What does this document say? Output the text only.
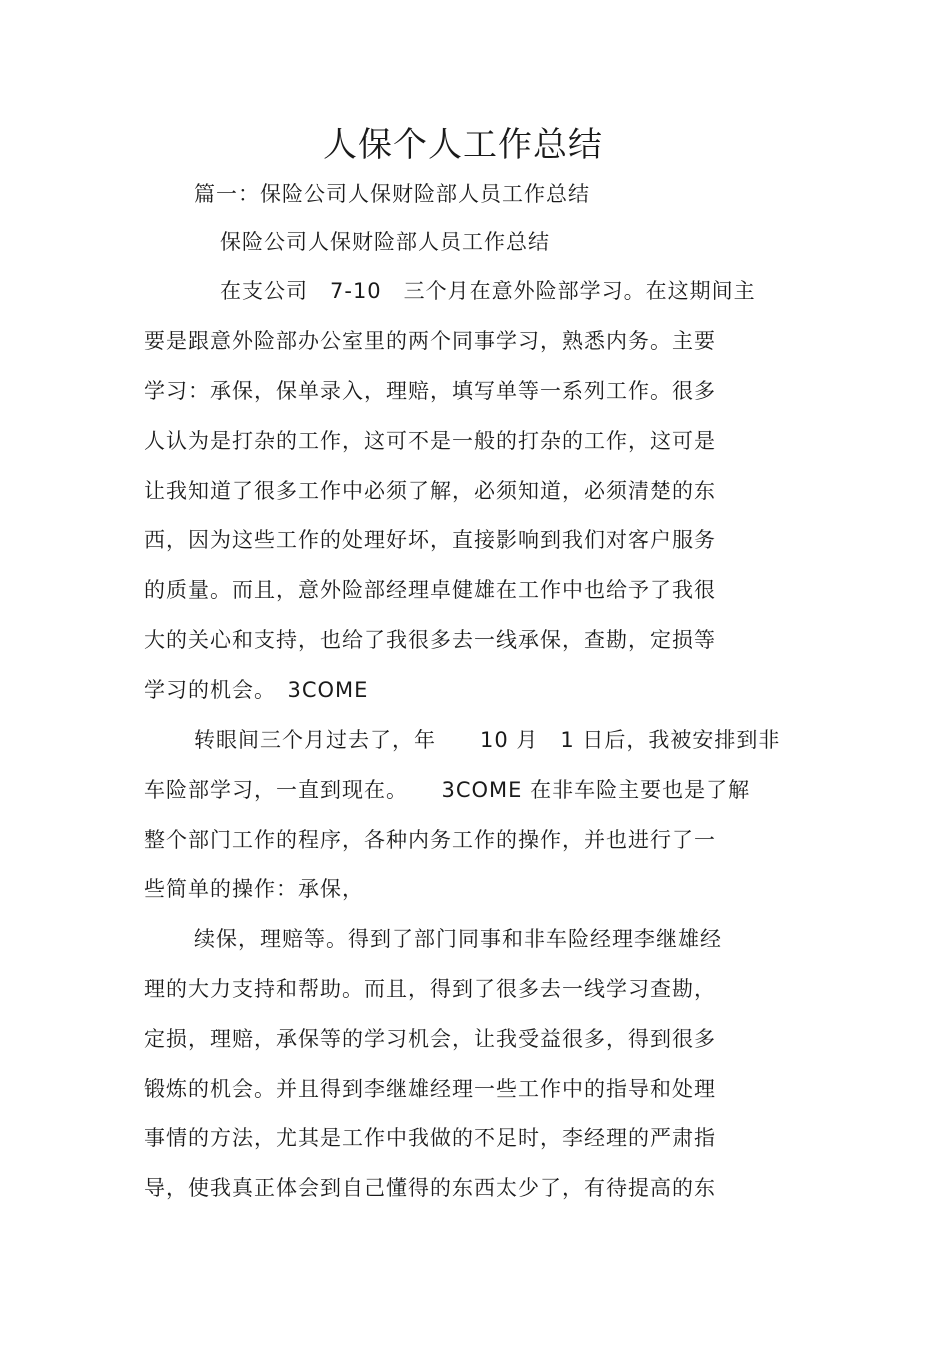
人保个人工作总结
篇一：保险公司人保财险部人员工作总结
保险公司人保财险部人员工作总结
在支公司　7-10　三个月在意外险部学习。在这期间主
要是跟意外险部办公室里的两个同事学习，熟悉内务。主要
学习：承保，保单录入，理赔，填写单等一系列工作。很多
人认为是打杂的工作，这可不是一般的打杂的工作，这可是
让我知道了很多工作中必须了解，必须知道，必须清楚的东
西，因为这些工作的处理好坏，直接影响到我们对客户服务
的质量。而且，意外险部经理卓健雄在工作中也给予了我很
大的关心和支持，也给了我很多去一线承保，查勘，定损等
学习的机会。　3COME
转眼间三个月过去了，年　　10 月　1 日后，我被安排到非
车险部学习，一直到现在。　　3COME 在非车险主要也是了解
整个部门工作的程序，各种内务工作的操作，并也进行了一
些简单的操作：承保，
续保，理赔等。得到了部门同事和非车险经理李继雄经
理的大力支持和帮助。而且，得到了很多去一线学习查勘，
定损，理赔，承保等的学习机会，让我受益很多，得到很多
锻炼的机会。并且得到李继雄经理一些工作中的指导和处理
事情的方法，尤其是工作中我做的不足时，李经理的严肃指
导，使我真正体会到自己懂得的东西太少了，有待提高的东
